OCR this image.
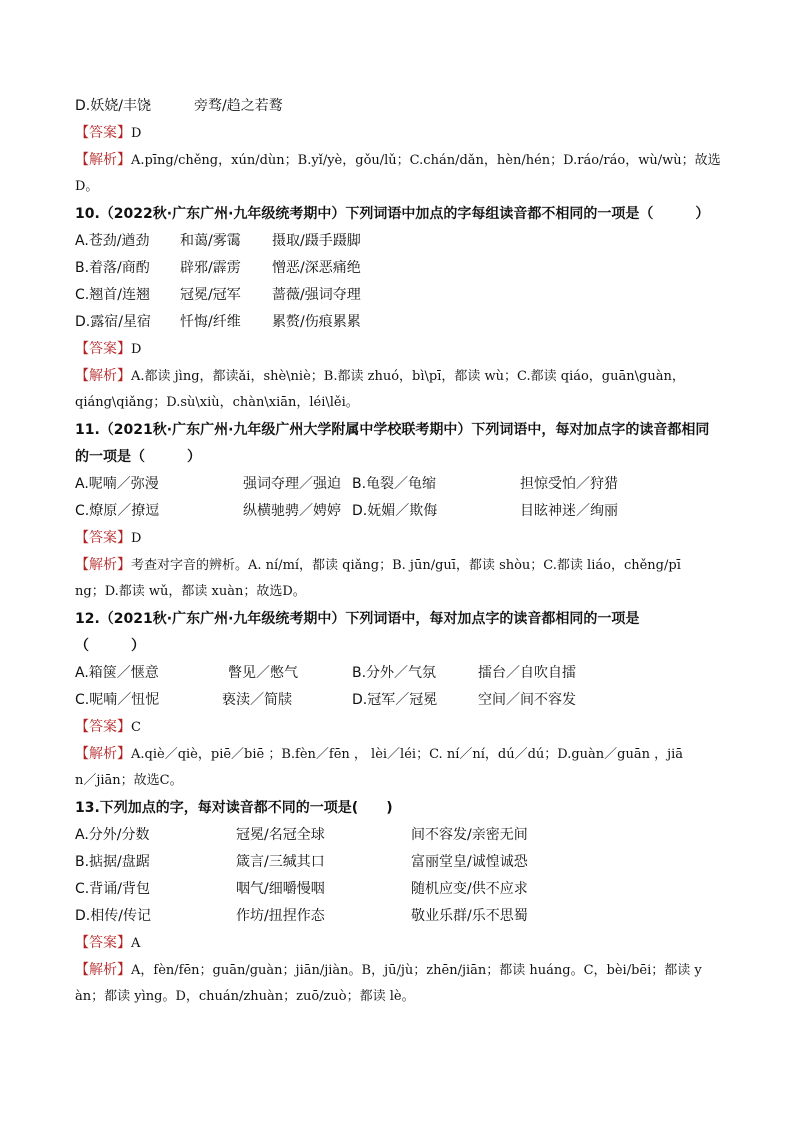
D.妖娆/丰饶	旁骛/趋之若鹜
【答案】D
【解析】A.pīng/chěng，xún/dùn；B.yǐ/yè，gǒu/lǔ；C.chán/dǎn，hèn/hén；D.ráo/ráo，wù/wù；故选
D。
10.（2022秋·广东广州·九年级统考期中）下列词语中加点的字每组读音都不相同的一项是（　　　）
A.苍劲/遒劲 和蔼/雾霭 摄取/蹑手蹑脚
B.着落/商酌 辟邪/霹雳 憎恶/深恶痛绝
C.翘首/连翘 冠冕/冠军 蔷薇/强词夺理
D.露宿/星宿 忏悔/纤维 累赘/伤痕累累
【答案】D
【解析】A.都读 jìng，都读ǎi，shè\niè；B.都读 zhuó，bì\pī，都读 wù；C.都读 qiáo，guān\guàn，
qiáng\qiǎng；D.sù\xiù，chàn\xiān，léi\lěi。
11.（2021秋·广东广州·九年级广州大学附属中学校联考期中）下列词语中，每对加点字的读音都相同
的一项是（　　　）
A.呢喃／弥漫	强词夺理／强迫 B.龟裂／龟缩	担惊受怕／狩猎
C.燎原／撩逗	纵横驰骋／娉婷 D.妩媚／欺侮	目眩神迷／绚丽
【答案】D
【解析】考查对字音的辨析。A. ní/mí，都读 qiǎng；B. jūn/guī，都读 shòu；C.都读 liáo，chěng/pī
ng；D.都读 wǔ，都读 xuàn；故选D。
12.（2021秋·广东广州·九年级统考期中）下列词语中，每对加点字的读音都相同的一项是
（　　　）
A.箱箧／惬意	瞥见／憋气	B.分外／气氛	擂台／自吹自擂
C.呢喃／忸怩	亵渎／简牍	D.冠军／冠冕	空间／间不容发
【答案】C
【解析】A.qiè／qiè，piē／biē ；B.fèn／fēn ， lèi／léi；C. ní／ní，dú／dú；D.guàn／guān ，jiā
n／jiān；故选C。
13.下列加点的字，每对读音都不同的一项是(　　)
A.分外/分数	冠冕/名冠全球	间不容发/亲密无间
B.掂据/盘踞	箴言/三缄其口	富丽堂皇/诚惶诚恐
C.背诵/背包	咽气/细嚼慢咽	随机应变/供不应求
D.相传/传记	作坊/扭捏作态	敬业乐群/乐不思蜀
【答案】A
【解析】A，fèn/fēn；guān/guàn；jiān/jiàn。B，jū/jù；zhēn/jiān；都读 huáng。C，bèi/bēi；都读 y
àn；都读 yìng。D，chuán/zhuàn；zuō/zuò；都读 lè。
